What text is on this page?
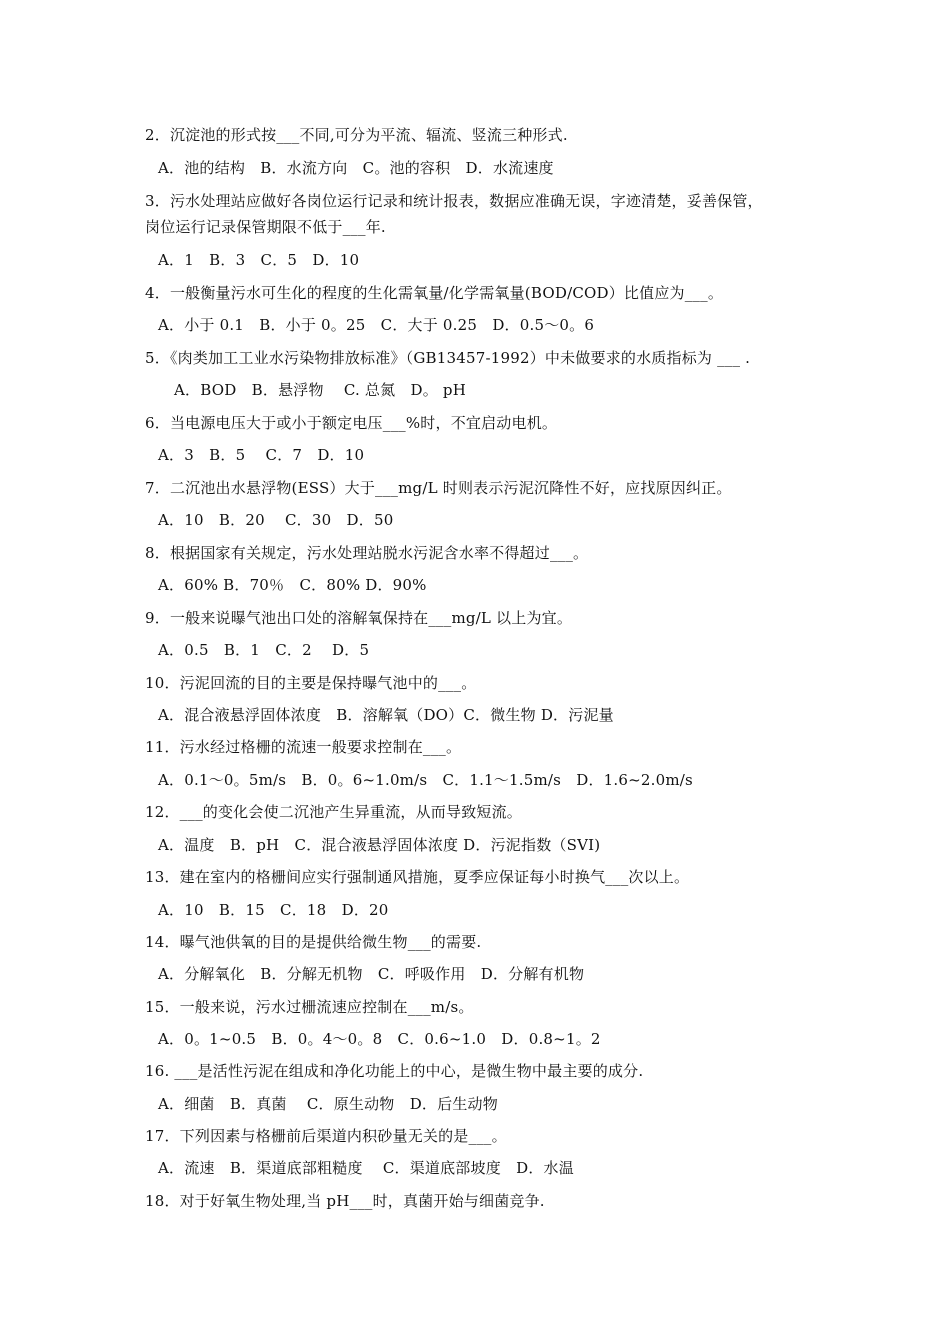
2．沉淀池的形式按___不同,可分为平流、辐流、竖流三种形式.
A．池的结构　B．水流方向　C。池的容积　D．水流速度
3．污水处理站应做好各岗位运行记录和统计报表，数据应准确无误，字迹清楚，妥善保管，
岗位运行记录保管期限不低于___年.
A．1　B．3　C．5　D．10
4．一般衡量污水可生化的程度的生化需氧量/化学需氧量(BOD/COD）比值应为___。
A．小于 0.1　B．小于 0。25　C．大于 0.25　D．0.5～0。6
5．《肉类加工工业水污染物排放标准》（GB13457-1992）中未做要求的水质指标为 ___ .
A．BOD　B．悬浮物　 C. 总氮　D。 pH
6．当电源电压大于或小于额定电压___%时，不宜启动电机。
A．3　B．5　 C．7　D．10
7．二沉池出水悬浮物(ESS）大于___mg/L 时则表示污泥沉降性不好，应找原因纠正。
A．10　B．20　 C．30　D．50
8．根据国家有关规定，污水处理站脱水污泥含水率不得超过___。
A．60% B．70％　C．80% D．90%
9．一般来说曝气池出口处的溶解氧保持在___mg/L 以上为宜。
A．0.5　B．1　C．2　 D．5
10．污泥回流的目的主要是保持曝气池中的___。
A．混合液悬浮固体浓度　B．溶解氧（DO）C．微生物 D．污泥量
11．污水经过格栅的流速一般要求控制在___。
A．0.1～0。5m/s　B．0。6~1.0m/s　C．1.1～1.5m/s　D．1.6~2.0m/s
12．___的变化会使二沉池产生异重流，从而导致短流。
A．温度　B．pH　C．混合液悬浮固体浓度 D．污泥指数（SVI)
13．建在室内的格栅间应实行强制通风措施，夏季应保证每小时换气___次以上。
A．10　B．15　C．18　D．20
14．曝气池供氧的目的是提供给微生物___的需要.
A．分解氧化　B．分解无机物　C．呼吸作用　D．分解有机物
15．一般来说，污水过栅流速应控制在___m/s。
A．0。1~0.5　B．0。4～0。8　C．0.6~1.0　D．0.8~1。2
16. ___是活性污泥在组成和净化功能上的中心，是微生物中最主要的成分.
A．细菌　B．真菌　 C．原生动物　D．后生动物
17．下列因素与格栅前后渠道内积砂量无关的是___。
A．流速　B．渠道底部粗糙度　 C．渠道底部坡度　D．水温
18．对于好氧生物处理,当 pH___时，真菌开始与细菌竞争.
